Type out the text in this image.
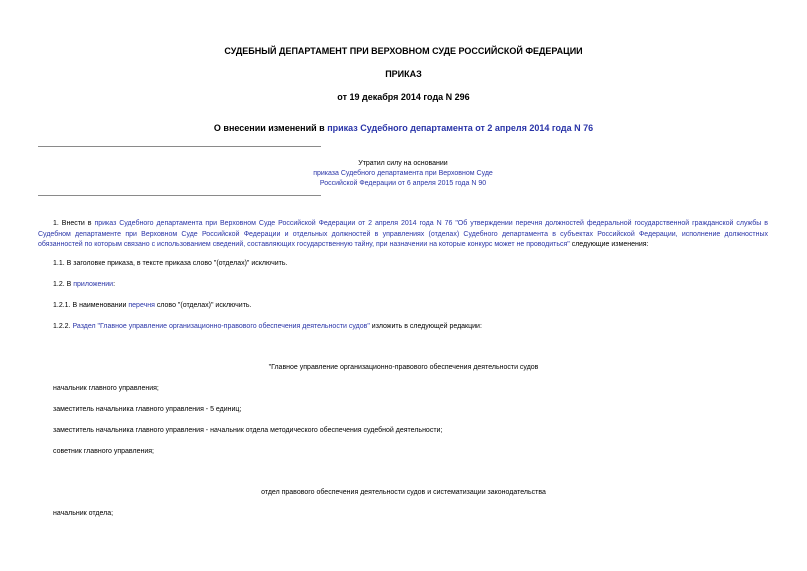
СУДЕБНЫЙ ДЕПАРТАМЕНТ ПРИ ВЕРХОВНОМ СУДЕ РОССИЙСКОЙ ФЕДЕРАЦИИ
ПРИКАЗ
от 19 декабря 2014 года N 296
О внесении изменений в приказ Судебного департамента от 2 апреля 2014 года N 76
Утратил силу на основании
приказа Судебного департамента при Верховном Суде
Российской Федерации от 6 апреля 2015 года N 90
1. Внести в приказ Судебного департамента при Верховном Суде Российской Федерации от 2 апреля 2014 года N 76 "Об утверждении перечня должностей федеральной государственной гражданской службы в Судебном департаменте при Верховном Суде Российской Федерации и отдельных должностей в управлениях (отделах) Судебного департамента в субъектах Российской Федерации, исполнение должностных обязанностей по которым связано с использованием сведений, составляющих государственную тайну, при назначении на которые конкурс может не проводиться" следующие изменения:
1.1. В заголовке приказа, в тексте приказа слово "(отделах)" исключить.
1.2. В приложении:
1.2.1. В наименовании перечня слово "(отделах)" исключить.
1.2.2. Раздел "Главное управление организационно-правового обеспечения деятельности судов" изложить в следующей редакции:
"Главное управление организационно-правового обеспечения деятельности судов
начальник главного управления;
заместитель начальника главного управления - 5 единиц;
заместитель начальника главного управления - начальник отдела методического обеспечения судебной деятельности;
советник главного управления;
отдел правового обеспечения деятельности судов и систематизации законодательства
начальник отдела;
